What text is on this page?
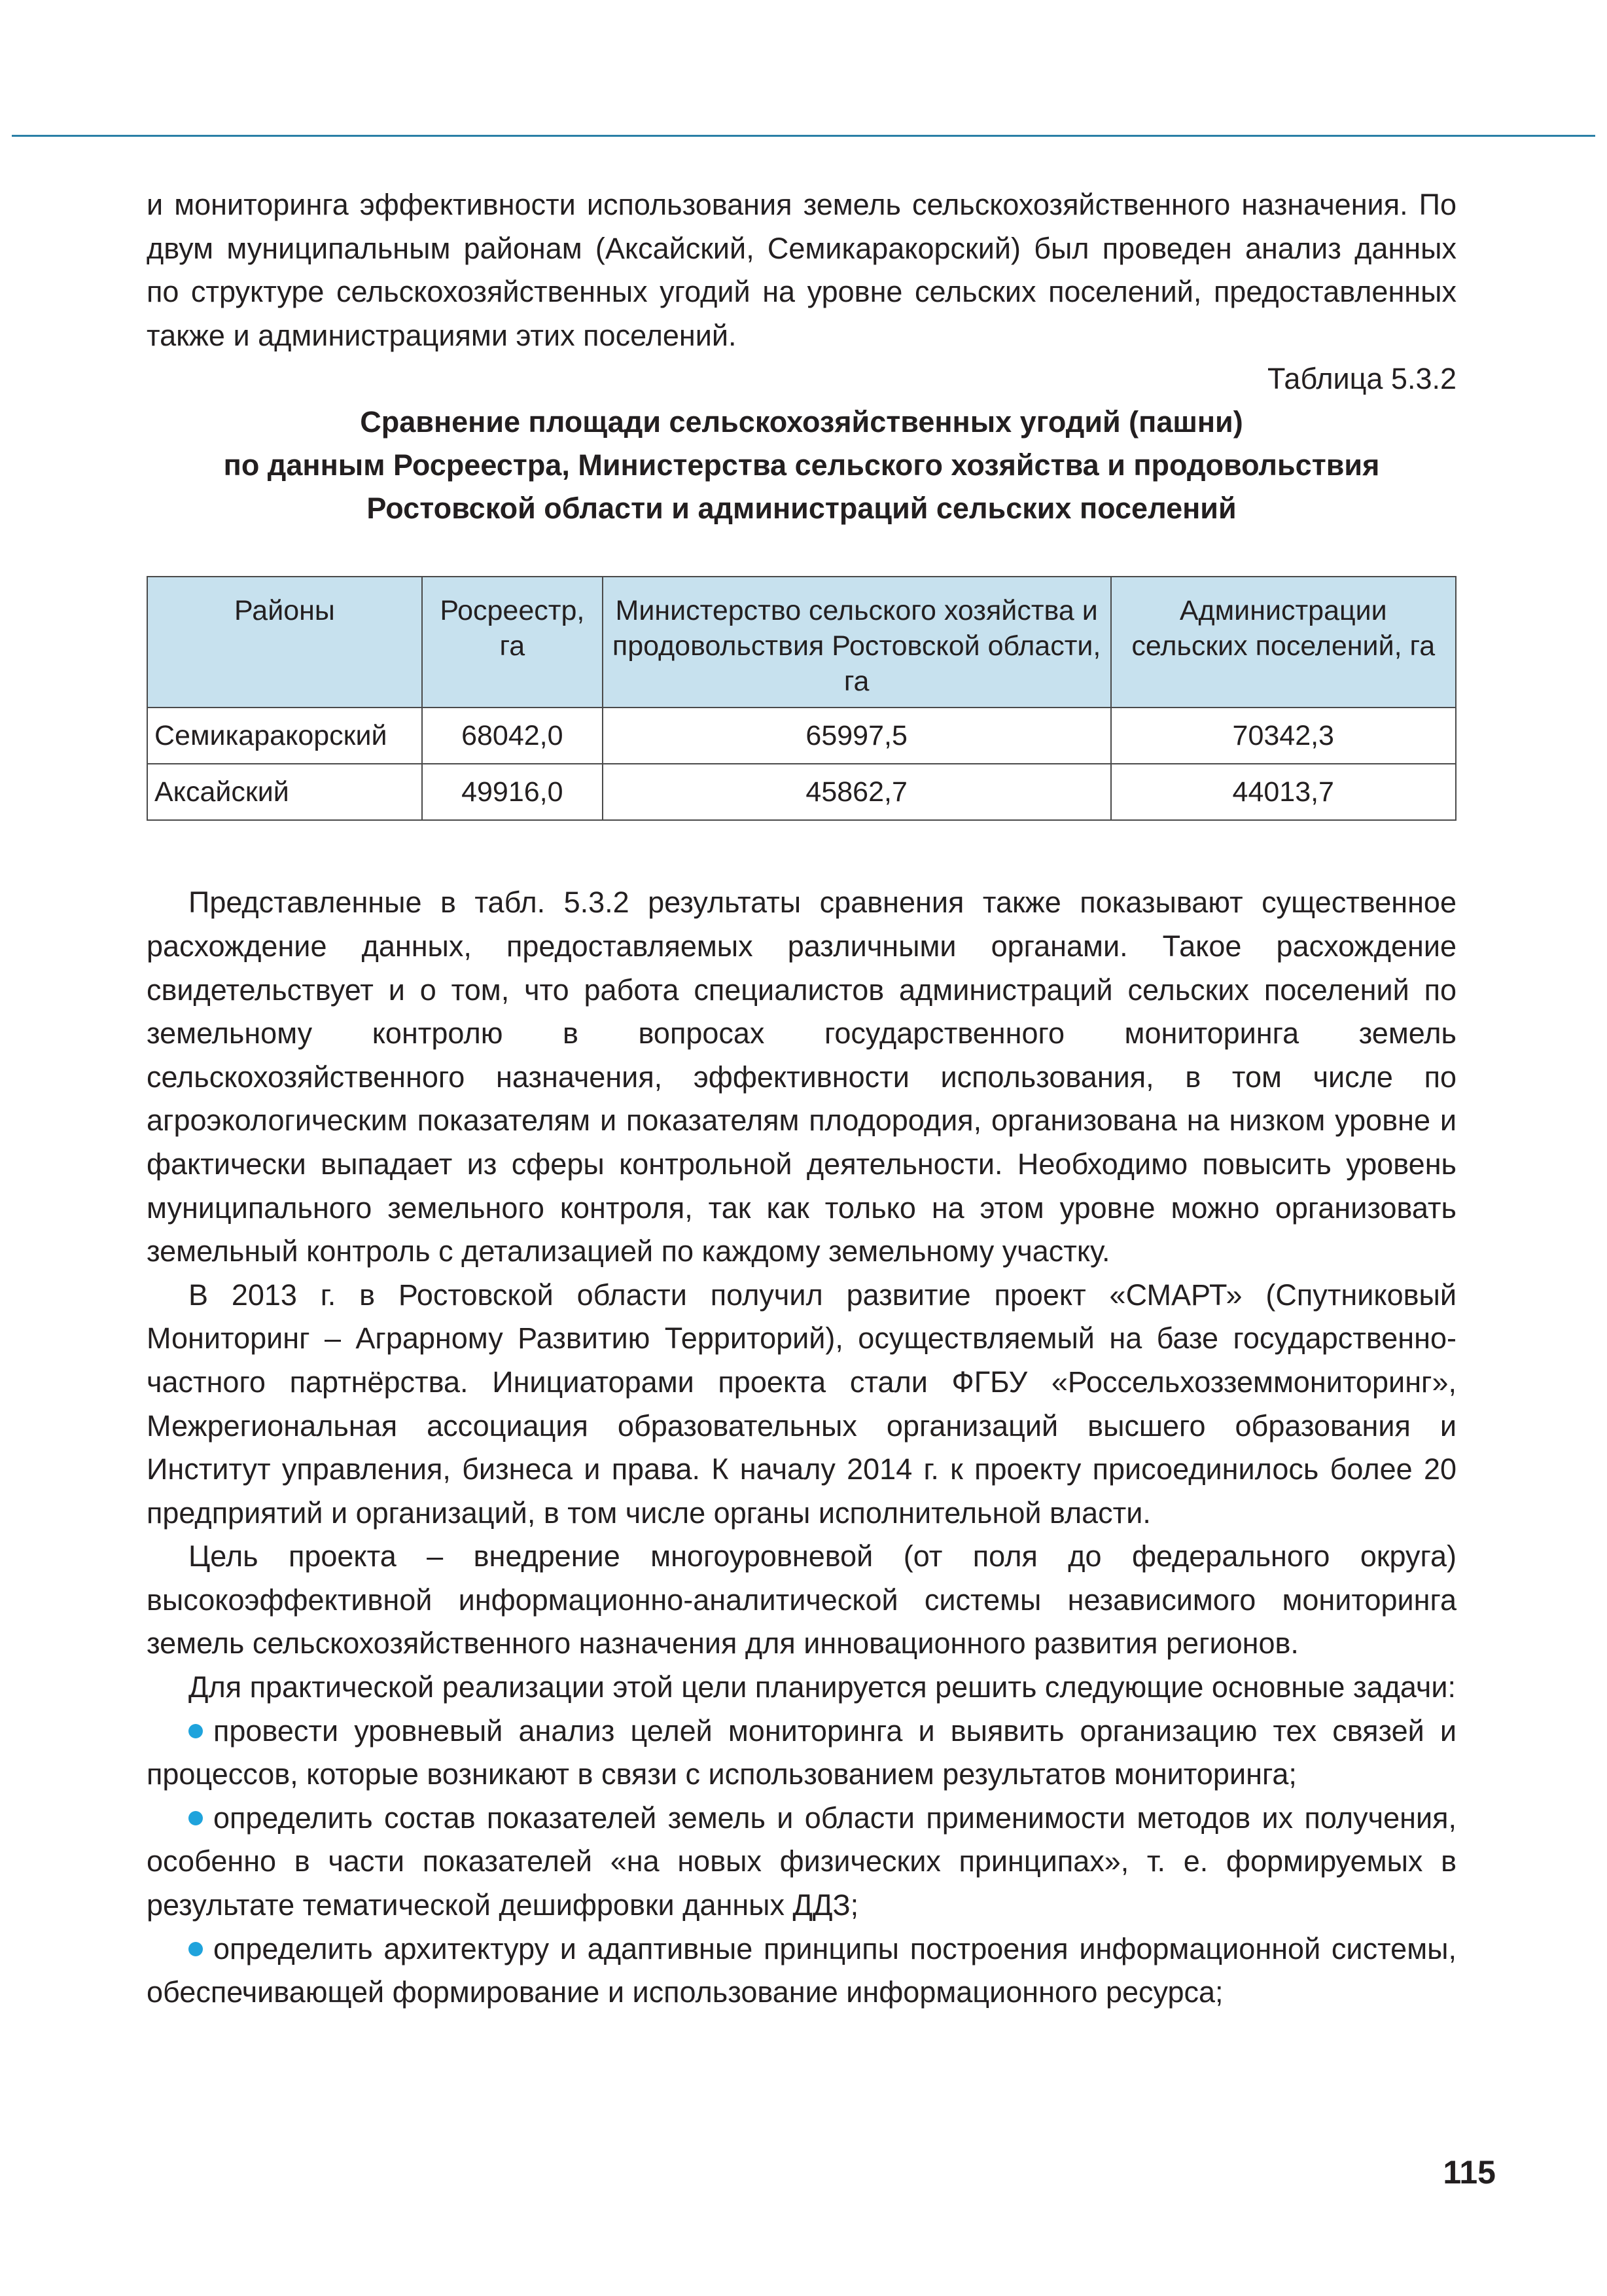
и мониторинга эффективности использования земель сельскохозяйственного назначения. По двум муниципальным районам (Аксайский, Семикаракорский) был проведен анализ данных по структуре сельскохозяйственных угодий на уровне сельских поселений, предоставленных также и администрациями этих поселений.

Таблица 5.3.2

Сравнение площади сельскохозяйственных угодий (пашни)

по данным Росреестра, Министерства сельского хозяйства и продовольствия

Ростовской области и администраций сельских поселений

Районы	Росреестр, га	Министерство сельского хозяйства и продовольствия Ростовской области, га	Администрации сельских поселений, га
Семикаракорский	68042,0	65997,5	70342,3
Аксайский	49916,0	45862,7	44013,7

Представленные в табл. 5.3.2 результаты сравнения также показывают существенное расхождение данных, предоставляемых различными органами. Такое расхождение свидетельствует и о том, что работа специалистов администраций сельских поселений по земельному контролю в вопросах государственного мониторинга земель сельскохозяйственного назначения, эффективности использования, в том числе по агроэкологическим показателям и показателям плодородия, организована на низком уровне и фактически выпадает из сферы контрольной деятельности. Необходимо повысить уровень муниципального земельного контроля, так как только на этом уровне можно организовать земельный контроль с детализацией по каждому земельному участку.

В 2013 г. в Ростовской области получил развитие проект «СМАРТ» (Спутниковый Мониторинг – Аграрному Развитию Территорий), осуществляемый на базе государственно-частного партнёрства. Инициаторами проекта стали ФГБУ «Россельхозземмониторинг», Межрегиональная ассоциация образовательных организаций высшего образования и Институт управления, бизнеса и права. К началу 2014 г. к проекту присоединилось более 20 предприятий и организаций, в том числе органы исполнительной власти.

Цель проекта – внедрение многоуровневой (от поля до федерального округа) высокоэффективной информационно-аналитической системы независимого мониторинга земель сельскохозяйственного назначения для инновационного развития регионов.

Для практической реализации этой цели планируется решить следующие основные задачи:

провести уровневый анализ целей мониторинга и выявить организацию тех связей и процессов, которые возникают в связи с использованием результатов мониторинга;

определить состав показателей земель и области применимости методов их получения, особенно в части показателей «на новых физических принципах», т. е. формируемых в результате тематической дешифровки данных ДДЗ;

определить архитектуру и адаптивные принципы построения информационной системы, обеспечивающей формирование и использование информационного ресурса;

115
